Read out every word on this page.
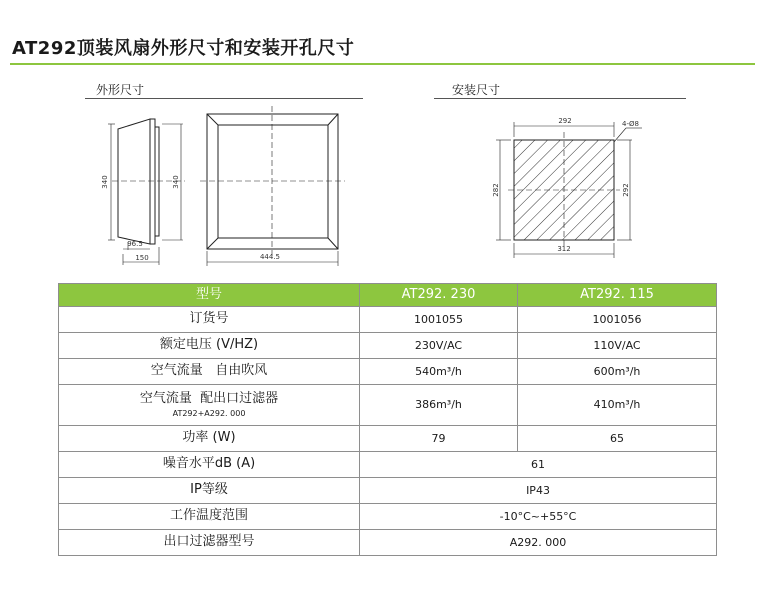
AT292顶装风扇外形尺寸和安装开孔尺寸
外形尺寸	安装尺寸
340	340
96.5
150	444.5
292
282	292
312
4-Ø8
型号	AT292. 230	AT292. 115
订货号	1001055	1001056
额定电压 (V/HZ)	230V/AC	110V/AC
空气流量   自由吹风	540m³/h	600m³/h
空气流量  配出口过滤器
AT292+A292. 000	386m³/h	410m³/h
功率 (W)	79	65
噪音水平dB (A)	61	
IP等级	IP43	
工作温度范围	-10°C~+55°C	
出口过滤器型号	A292. 000	
